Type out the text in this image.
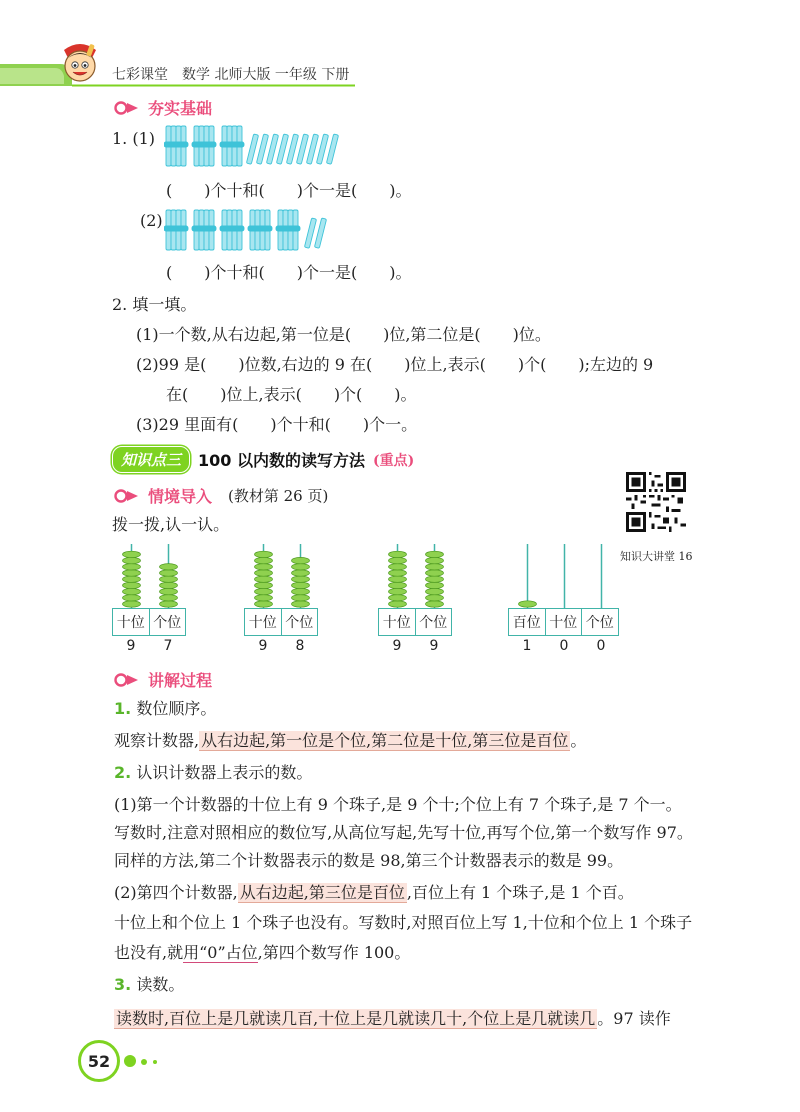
七彩课堂　数学 北师大版 一年级 下册
夯实基础
1. (1)
(　　)个十和(　　)个一是(　　)。
(2)
(　　)个十和(　　)个一是(　　)。
2. 填一填。
(1)一个数,从右边起,第一位是(　　)位,第二位是(　　)位。
(2)99 是(　　)位数,右边的 9 在(　　)位上,表示(　　)个(　　);左边的 9
在(　　)位上,表示(　　)个(　　)。
(3)29 里面有(　　)个十和(　　)个一。
知识点三	100 以内数的读写方法 (重点)
情境导入 (教材第 26 页)
拨一拨,认一认。
知识大讲堂 16
十位 个位
9 7
十位 个位
9 8
十位 个位
9 9
百位 十位 个位
1 0 0
讲解过程
1. 数位顺序。
观察计数器, 从右边起,第一位是个位,第二位是十位,第三位是百位 。
2. 认识计数器上表示的数。
(1)第一个计数器的十位上有 9 个珠子,是 9 个十;个位上有 7 个珠子,是 7 个一。
写数时,注意对照相应的数位写,从高位写起,先写十位,再写个位,第一个数写作 97。
同样的方法,第二个计数器表示的数是 98,第三个计数器表示的数是 99。
(2)第四个计数器, 从右边起,第三位是百位 ,百位上有 1 个珠子,是 1 个百。
十位上和个位上 1 个珠子也没有。写数时,对照百位上写 1,十位和个位上 1 个珠子
也没有,就用“0”占位,第四个数写作 100。
3. 读数。
读数时,百位上是几就读几百,十位上是几就读几十,个位上是几就读几 。97 读作
52
